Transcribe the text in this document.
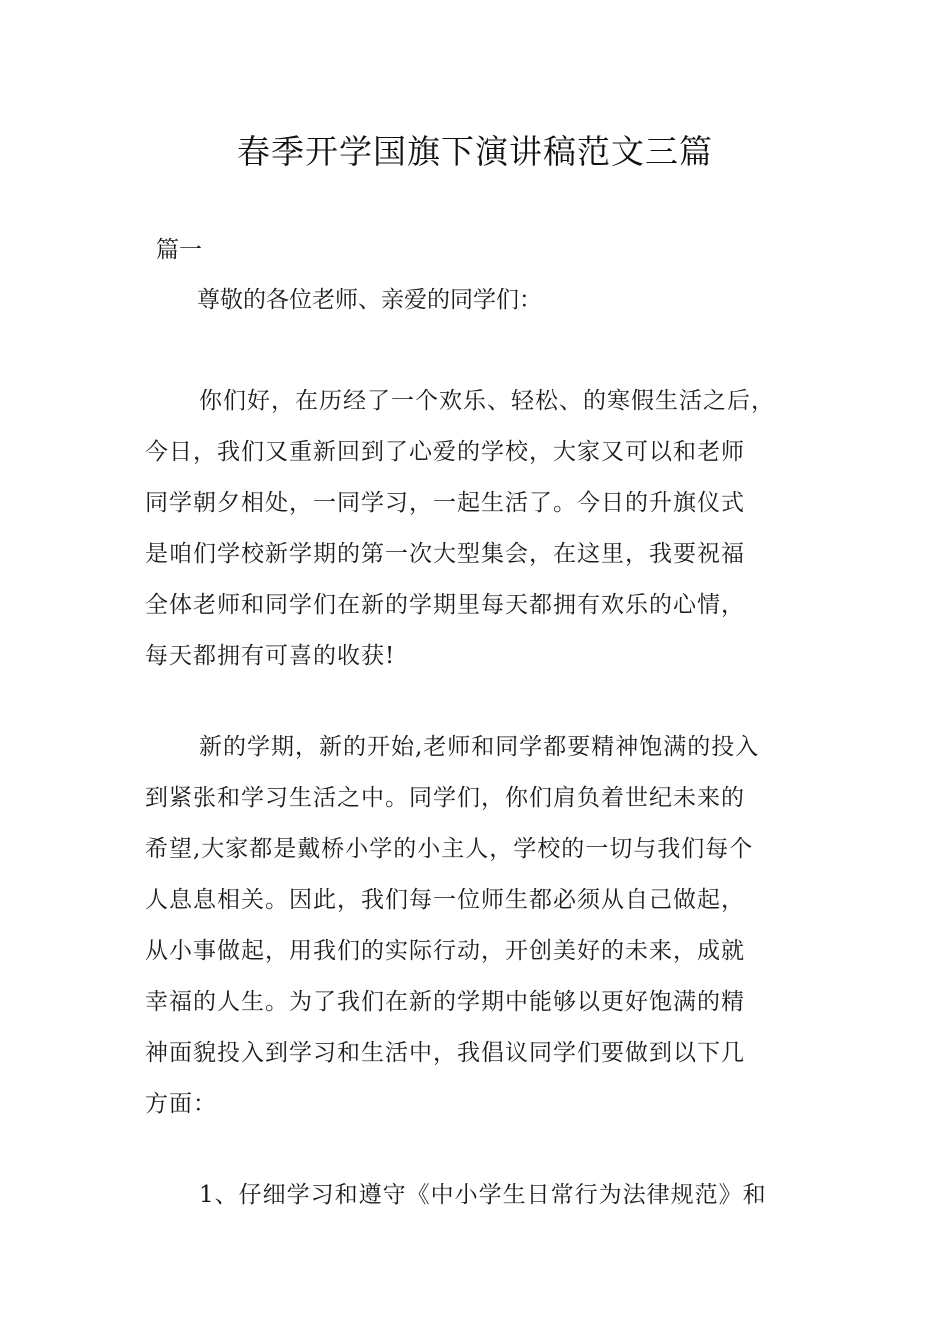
春季开学国旗下演讲稿范文三篇
篇一
尊敬的各位老师、亲爱的同学们：
你们好，在历经了一个欢乐、轻松、的寒假生活之后，
今日，我们又重新回到了心爱的学校，大家又可以和老师
同学朝夕相处，一同学习，一起生活了。今日的升旗仪式
是咱们学校新学期的第一次大型集会，在这里，我要祝福
全体老师和同学们在新的学期里每天都拥有欢乐的心情，
每天都拥有可喜的收获!
新的学期，新的开始,老师和同学都要精神饱满的投入
到紧张和学习生活之中。同学们，你们肩负着世纪未来的
希望,大家都是戴桥小学的小主人，学校的一切与我们每个
人息息相关。因此，我们每一位师生都必须从自己做起，
从小事做起，用我们的实际行动，开创美好的未来，成就
幸福的人生。为了我们在新的学期中能够以更好饱满的精
神面貌投入到学习和生活中，我倡议同学们要做到以下几
方面：
1、仔细学习和遵守《中小学生日常行为法律规范》和
